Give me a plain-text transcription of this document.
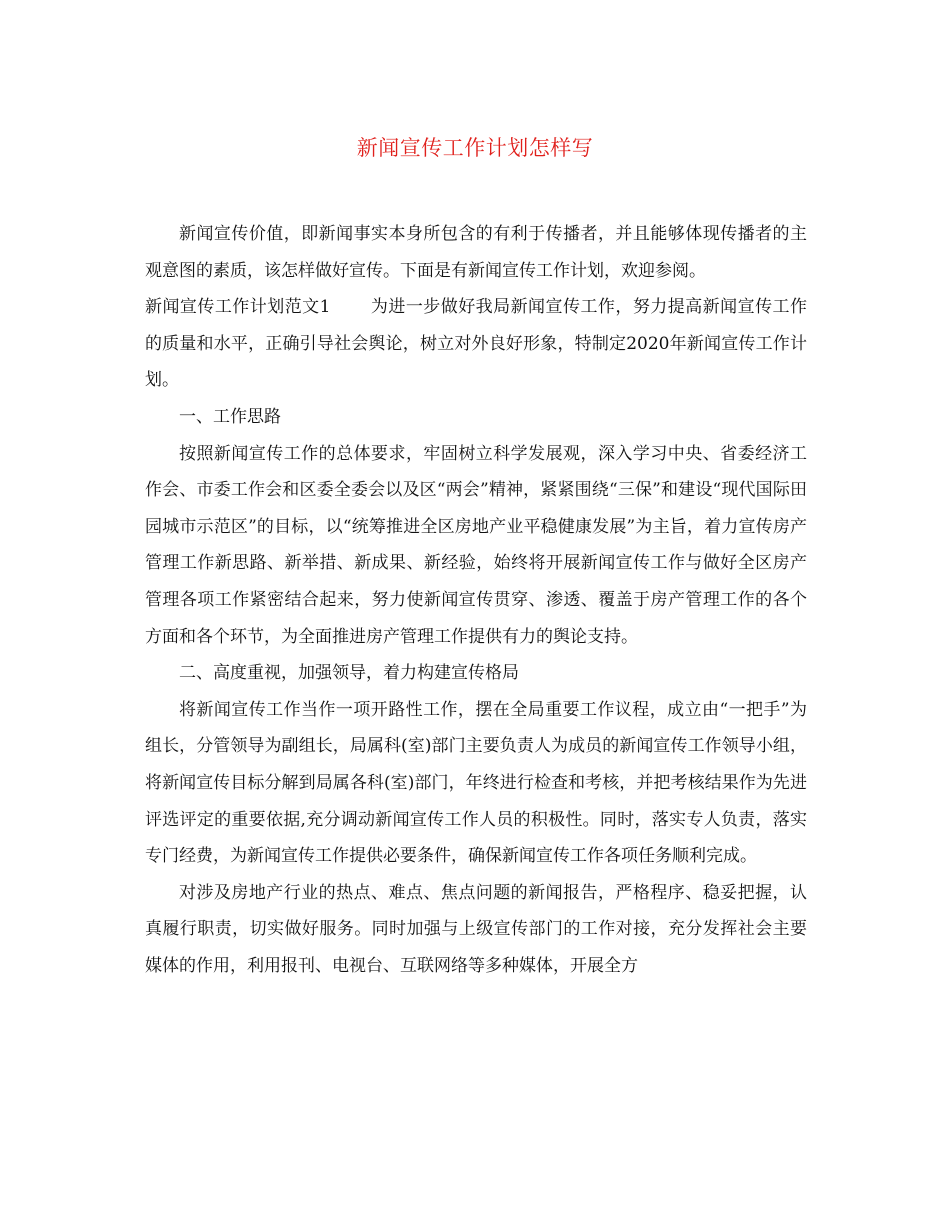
新闻宣传工作计划怎样写

新闻宣传价值，即新闻事实本身所包含的有利于传播者，并且能够体现传播者的主观意图的素质，该怎样做好宣传。下面是有新闻宣传工作计划，欢迎参阅。

新闻宣传工作计划范文1 为进一步做好我局新闻宣传工作，努力提高新闻宣传工作的质量和水平，正确引导社会舆论，树立对外良好形象，特制定2020年新闻宣传工作计划。

一、工作思路

按照新闻宣传工作的总体要求，牢固树立科学发展观，深入学习中央、省委经济工作会、市委工作会和区委全委会以及区“两会”精神，紧紧围绕“三保”和建设“现代国际田园城市示范区”的目标，以“统筹推进全区房地产业平稳健康发展”为主旨，着力宣传房产管理工作新思路、新举措、新成果、新经验，始终将开展新闻宣传工作与做好全区房产管理各项工作紧密结合起来，努力使新闻宣传贯穿、渗透、覆盖于房产管理工作的各个方面和各个环节，为全面推进房产管理工作提供有力的舆论支持。

二、高度重视，加强领导，着力构建宣传格局

将新闻宣传工作当作一项开路性工作，摆在全局重要工作议程，成立由“一把手”为组长，分管领导为副组长，局属科(室)部门主要负责人为成员的新闻宣传工作领导小组，将新闻宣传目标分解到局属各科(室)部门，年终进行检查和考核，并把考核结果作为先进评选评定的重要依据,充分调动新闻宣传工作人员的积极性。同时，落实专人负责，落实专门经费，为新闻宣传工作提供必要条件，确保新闻宣传工作各项任务顺利完成。

对涉及房地产行业的热点、难点、焦点问题的新闻报告，严格程序、稳妥把握，认真履行职责，切实做好服务。同时加强与上级宣传部门的工作对接，充分发挥社会主要媒体的作用，利用报刊、电视台、互联网络等多种媒体，开展全方
